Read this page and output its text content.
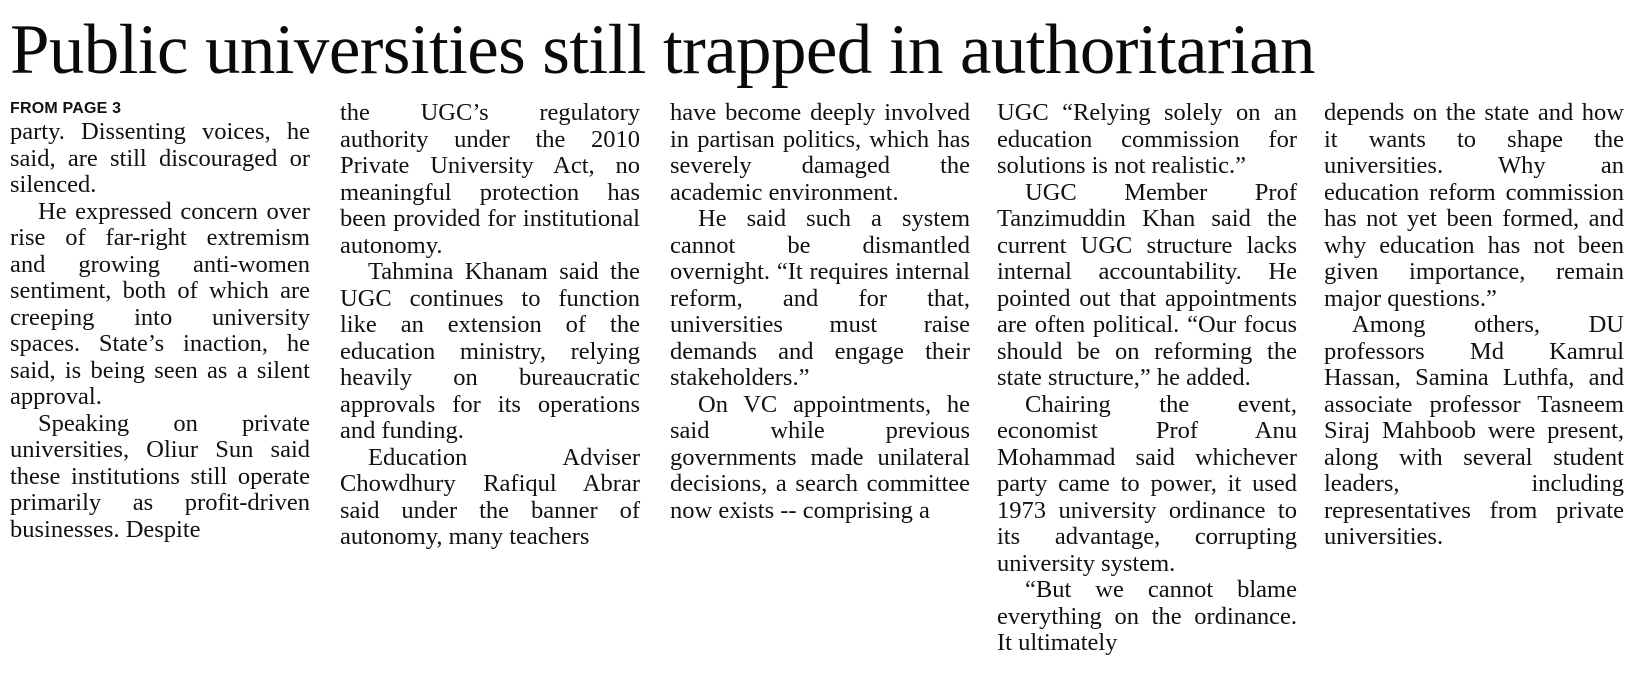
Public universities still trapped in authoritarian
FROM PAGE 3

party. Dissenting voices, he said, are still discouraged or silenced.

He expressed concern over rise of far-right extremism and growing anti-women sentiment, both of which are creeping into university spaces. State’s inaction, he said, is being seen as a silent approval.

Speaking on private universities, Oliur Sun said these institutions still operate primarily as profit-driven businesses. Despite

the UGC’s regulatory authority under the 2010 Private University Act, no meaningful protection has been provided for institutional autonomy.

Tahmina Khanam said the UGC continues to function like an extension of the education ministry, relying heavily on bureaucratic approvals for its operations and funding.

Education Adviser Chowdhury Rafiqul Abrar said under the banner of autonomy, many teachers

have become deeply involved in partisan politics, which has severely damaged the academic environment.

He said such a system cannot be dismantled overnight. “It requires internal reform, and for that, universities must raise demands and engage their stakeholders.”

On VC appointments, he said while previous governments made unilateral decisions, a search committee now exists -- comprising a

UGC “Relying solely on an education commission for solutions is not realistic.”

UGC Member Prof Tanzimuddin Khan said the current UGC structure lacks internal accountability. He pointed out that appointments are often political. “Our focus should be on reforming the state structure,” he added.

Chairing the event, economist Prof Anu Mohammad said whichever party came to power, it used 1973 university ordinance to its advantage, corrupting university system.

“But we cannot blame everything on the ordinance. It ultimately

depends on the state and how it wants to shape the universities. Why an education reform commission has not yet been formed, and why education has not been given importance, remain major questions.”

Among others, DU professors Md Kamrul Hassan, Samina Luthfa, and associate professor Tasneem Siraj Mahboob were present, along with several student leaders, including representatives from private universities.
